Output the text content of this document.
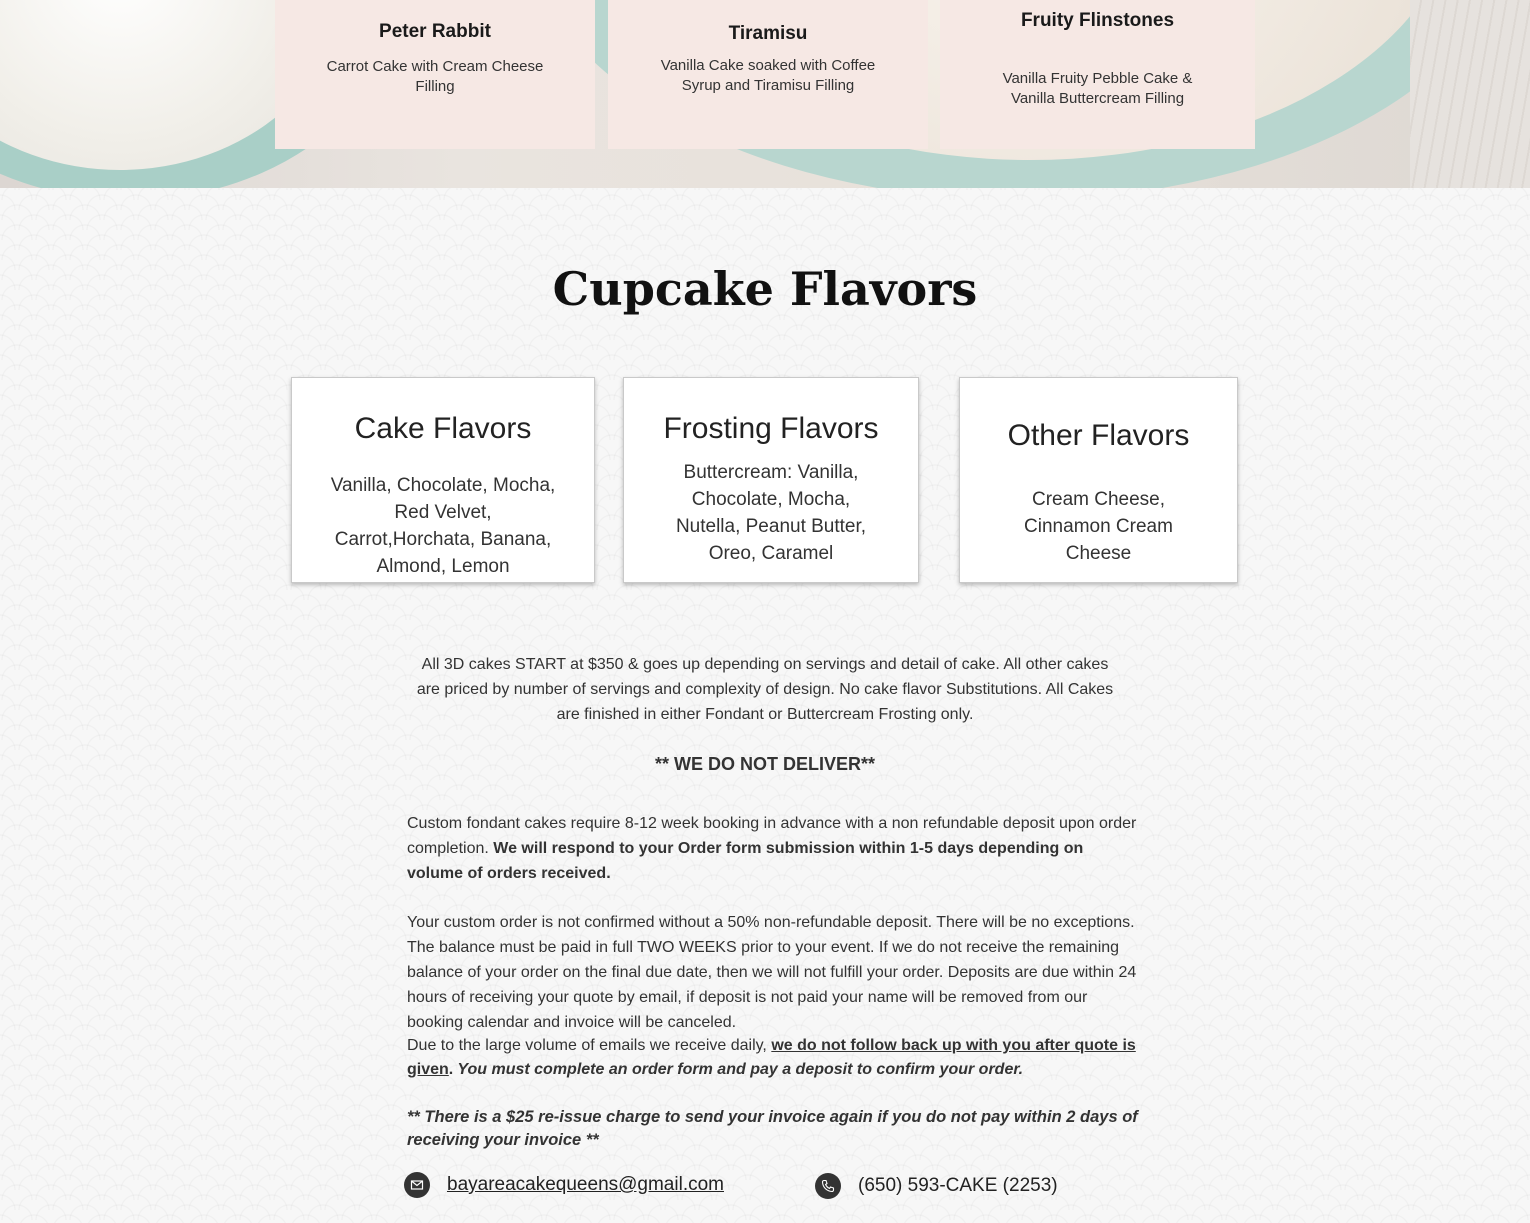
Peter Rabbit
Carrot Cake with Cream Cheese Filling
Tiramisu
Vanilla Cake soaked with Coffee Syrup and Tiramisu Filling
Fruity Flinstones
Vanilla Fruity Pebble Cake & Vanilla Buttercream Filling
Cupcake Flavors
Cake Flavors
Vanilla, Chocolate, Mocha, Red Velvet, Carrot,Horchata, Banana, Almond, Lemon
Frosting Flavors
Buttercream: Vanilla, Chocolate, Mocha, Nutella, Peanut Butter, Oreo, Caramel
Other Flavors
Cream Cheese, Cinnamon Cream Cheese
All 3D cakes START at $350 & goes up depending on servings and detail of cake. All other cakes are priced by number of servings and complexity of design. No cake flavor Substitutions. All Cakes are finished in either Fondant or Buttercream Frosting only.
** WE DO NOT DELIVER**
Custom fondant cakes require 8-12 week booking in advance with a non refundable deposit upon order completion. We will respond to your Order form submission within 1-5 days depending on volume of orders received.
Your custom order is not confirmed without a 50% non-refundable deposit. There will be no exceptions. The balance must be paid in full TWO WEEKS prior to your event. If we do not receive the remaining balance of your order on the final due date, then we will not fulfill your order. Deposits are due within 24 hours of receiving your quote by email, if deposit is not paid your name will be removed from our booking calendar and invoice will be canceled.
Due to the large volume of emails we receive daily, we do not follow back up with you after quote is given. You must complete an order form and pay a deposit to confirm your order.
** There is a $25 re-issue charge to send your invoice again if you do not pay within 2 days of receiving your invoice **
bayareacakequeens@gmail.com	(650) 593-CAKE (2253)
